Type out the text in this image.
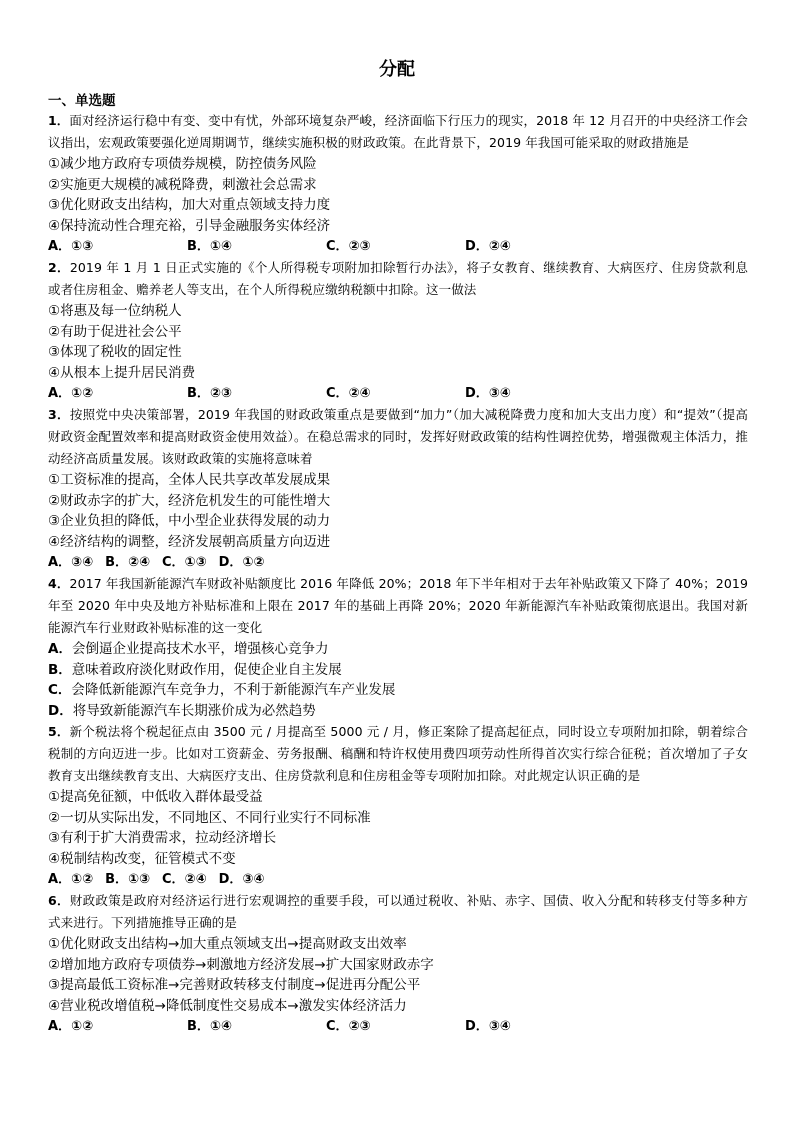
分配
一、单选题
1．面对经济运行稳中有变、变中有忧，外部环境复杂严峻，经济面临下行压力的现实，2018 年 12 月召开的中央经济工作会议指出，宏观政策要强化逆周期调节，继续实施积极的财政政策。在此背景下，2019 年我国可能采取的财政措施是
①减少地方政府专项债券规模，防控债务风险
②实施更大规模的减税降费，刺激社会总需求
③优化财政支出结构，加大对重点领域支持力度
④保持流动性合理充裕，引导金融服务实体经济
A．①③	B．①④	C．②③	D．②④
2．2019 年 1 月 1 日正式实施的《个人所得税专项附加扣除暂行办法》，将子女教育、继续教育、大病医疗、住房贷款利息或者住房租金、赡养老人等支出，在个人所得税应缴纳税额中扣除。这一做法
①将惠及每一位纳税人
②有助于促进社会公平
③体现了税收的固定性
④从根本上提升居民消费
A．①②	B．②③	C．②④	D．③④
3．按照党中央决策部署，2019 年我国的财政政策重点是要做到“加力”（加大减税降费力度和加大支出力度）和“提效”（提高财政资金配置效率和提高财政资金使用效益）。在稳总需求的同时，发挥好财政政策的结构性调控优势，增强微观主体活力，推动经济高质量发展。该财政政策的实施将意味着
①工资标准的提高，全体人民共享改革发展成果
②财政赤字的扩大，经济危机发生的可能性增大
③企业负担的降低，中小型企业获得发展的动力
④经济结构的调整，经济发展朝高质量方向迈进
A．③④ B．②④ C．①③ D．①②
4．2017 年我国新能源汽车财政补贴额度比 2016 年降低 20%；2018 年下半年相对于去年补贴政策又下降了 40%；2019 年至 2020 年中央及地方补贴标准和上限在 2017 年的基础上再降 20%；2020 年新能源汽车补贴政策彻底退出。我国对新能源汽车行业财政补贴标准的这一变化
A．会倒逼企业提高技术水平，增强核心竞争力
B．意味着政府淡化财政作用，促使企业自主发展
C．会降低新能源汽车竞争力，不利于新能源汽车产业发展
D．将导致新能源汽车长期涨价成为必然趋势
5．新个税法将个税起征点由 3500 元 / 月提高至 5000 元 / 月，修正案除了提高起征点，同时设立专项附加扣除，朝着综合税制的方向迈进一步。比如对工资薪金、劳务报酬、稿酬和特许权使用费四项劳动性所得首次实行综合征税；首次增加了子女教育支出继续教育支出、大病医疗支出、住房贷款利息和住房租金等专项附加扣除。对此规定认识正确的是
①提高免征额，中低收入群体最受益
②一切从实际出发，不同地区、不同行业实行不同标准
③有利于扩大消费需求，拉动经济增长
④税制结构改变，征管模式不变
A．①② B．①③ C．②④ D．③④
6．财政政策是政府对经济运行进行宏观调控的重要手段，可以通过税收、补贴、赤字、国债、收入分配和转移支付等多种方式来进行。下列措施推导正确的是
①优化财政支出结构→加大重点领域支出→提高财政支出效率
②增加地方政府专项债券→刺激地方经济发展→扩大国家财政赤字
③提高最低工资标准→完善财政转移支付制度→促进再分配公平
④营业税改增值税→降低制度性交易成本→激发实体经济活力
A．①②	B．①④	C．②③	D．③④
